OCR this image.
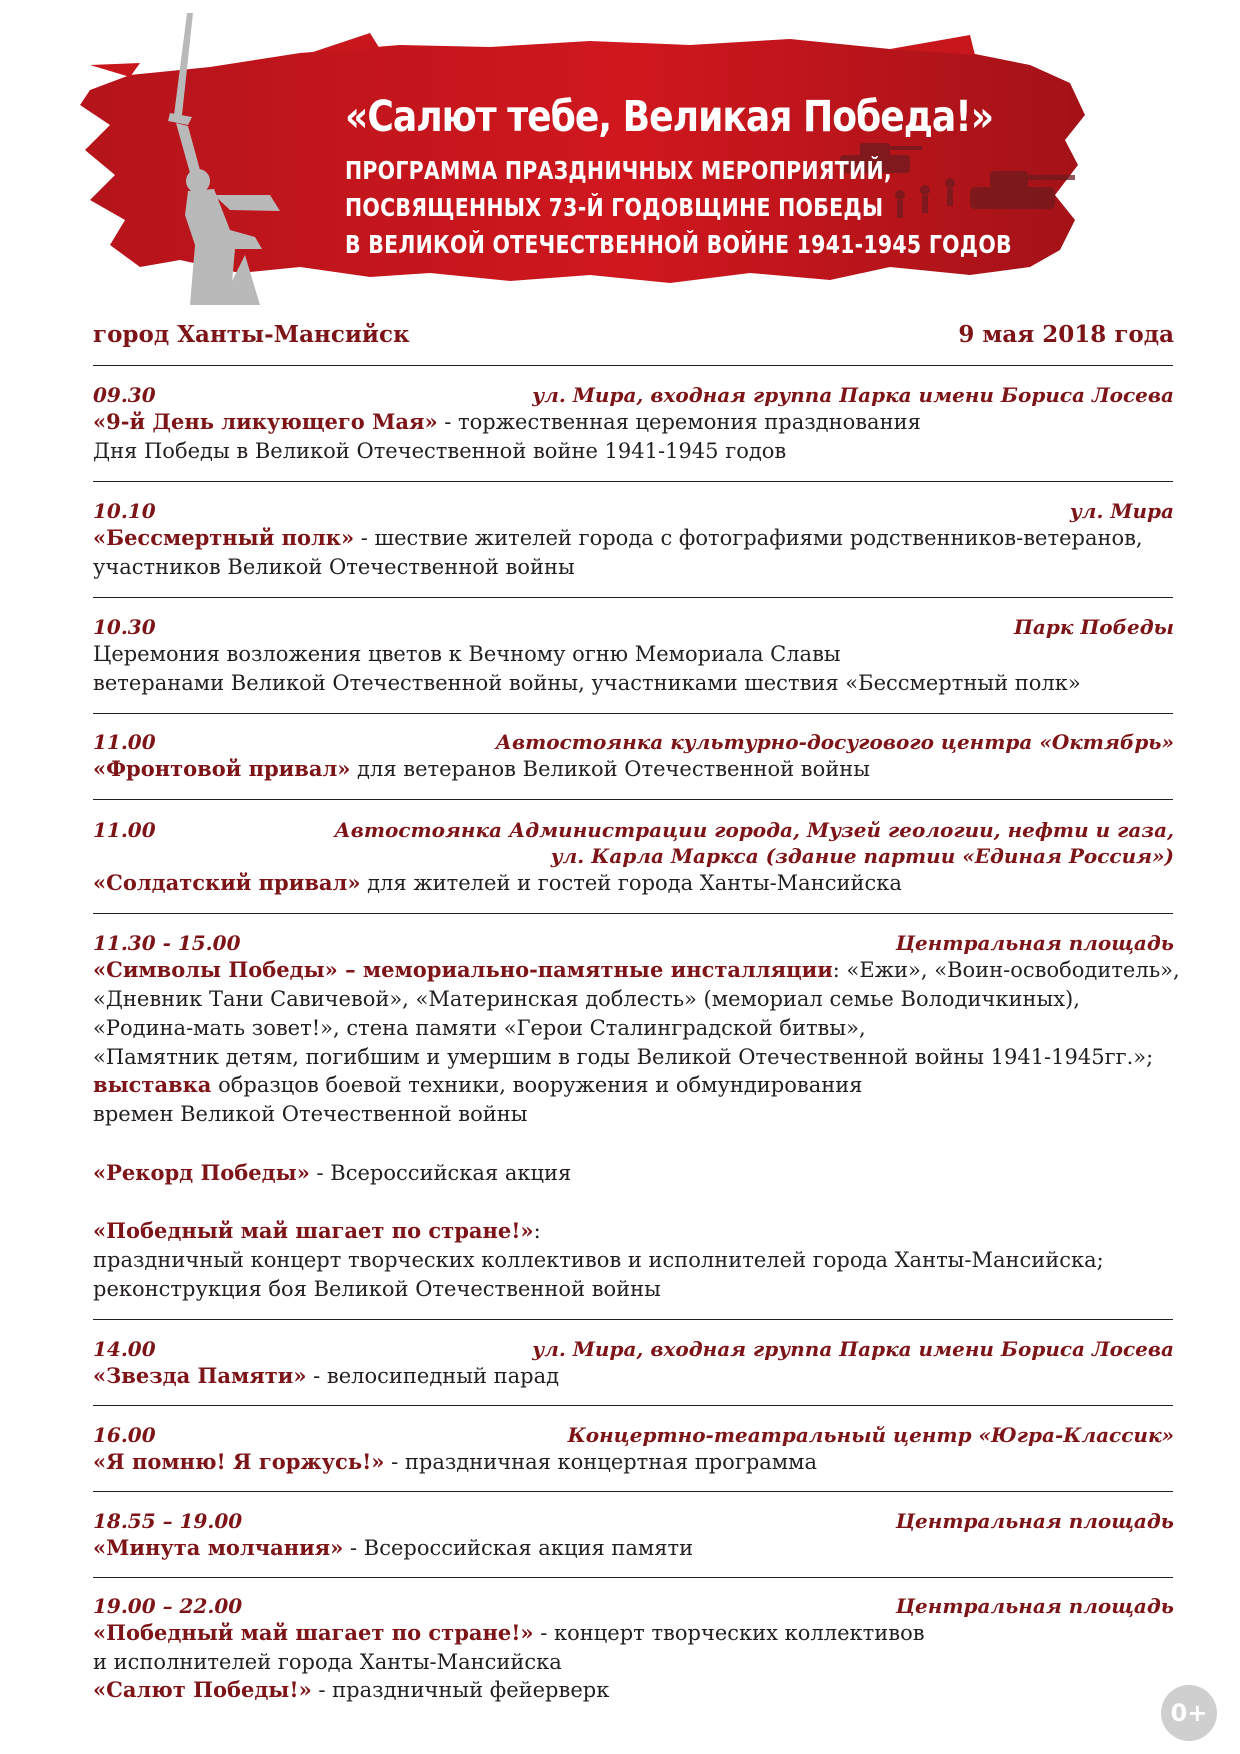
«Салют тебе, Великая Победа!»
ПРОГРАММА ПРАЗДНИЧНЫХ МЕРОПРИЯТИЙ,
ПОСВЯЩЕННЫХ 73-Й ГОДОВЩИНЕ ПОБЕДЫ
В ВЕЛИКОЙ ОТЕЧЕСТВЕННОЙ ВОЙНЕ 1941-1945 ГОДОВ
город Ханты-Мансийск	9 мая 2018 года
09.30	ул. Мира, входная группа Парка имени Бориса Лосева
«9-й День ликующего Мая» - торжественная церемония празднования
Дня Победы в Великой Отечественной войне 1941-1945 годов
10.10	ул. Мира
«Бессмертный полк» - шествие жителей города с фотографиями родственников-ветеранов,
участников Великой Отечественной войны
10.30	Парк Победы
Церемония возложения цветов к Вечному огню Мемориала Славы
ветеранами Великой Отечественной войны, участниками шествия «Бессмертный полк»
11.00	Автостоянка культурно-досугового центра «Октябрь»
«Фронтовой привал» для ветеранов Великой Отечественной войны
11.00	Автостоянка Администрации города, Музей геологии, нефти и газа,
ул. Карла Маркса (здание партии «Единая Россия»)
«Солдатский привал» для жителей и гостей города Ханты-Мансийска
11.30 - 15.00	Центральная площадь
«Символы Победы» – мемориально-памятные инсталляции: «Ежи», «Воин-освободитель»,
«Дневник Тани Савичевой», «Материнская доблесть» (мемориал семье Володичкиных),
«Родина-мать зовет!», стена памяти «Герои Сталинградской битвы»,
«Памятник детям, погибшим и умершим в годы Великой Отечественной войны 1941-1945гг.»;
выставка образцов боевой техники, вооружения и обмундирования
времен Великой Отечественной войны
«Рекорд Победы» - Всероссийская акция
«Победный май шагает по стране!»:
праздничный концерт творческих коллективов и исполнителей города Ханты-Мансийска;
реконструкция боя Великой Отечественной войны
14.00	ул. Мира, входная группа Парка имени Бориса Лосева
«Звезда Памяти» - велосипедный парад
16.00	Концертно-театральный центр «Югра-Классик»
«Я помню! Я горжусь!» - праздничная концертная программа
18.55 – 19.00	Центральная площадь
«Минута молчания» - Всероссийская акция памяти
19.00 – 22.00	Центральная площадь
«Победный май шагает по стране!» - концерт творческих коллективов
и исполнителей города Ханты-Мансийска
«Салют Победы!» - праздничный фейерверк
0+
